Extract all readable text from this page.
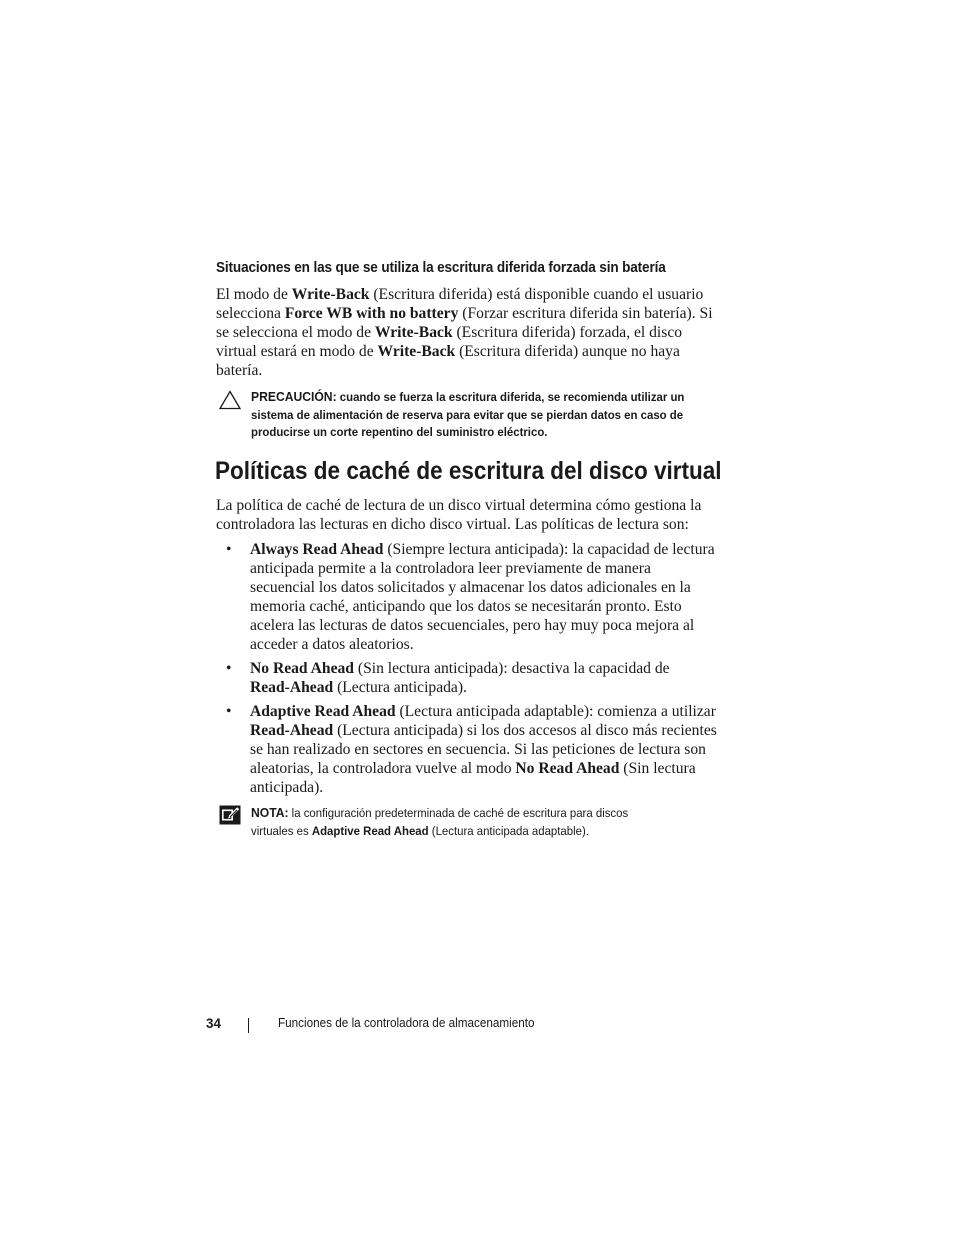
Situaciones en las que se utiliza la escritura diferida forzada sin batería
El modo de Write-Back (Escritura diferida) está disponible cuando el usuario
selecciona Force WB with no battery (Forzar escritura diferida sin batería). Si
se selecciona el modo de Write-Back (Escritura diferida) forzada, el disco
virtual estará en modo de Write-Back (Escritura diferida) aunque no haya
batería.
PRECAUCIÓN: cuando se fuerza la escritura diferida, se recomienda utilizar un
sistema de alimentación de reserva para evitar que se pierdan datos en caso de
producirse un corte repentino del suministro eléctrico.
Políticas de caché de escritura del disco virtual
La política de caché de lectura de un disco virtual determina cómo gestiona la
controladora las lecturas en dicho disco virtual. Las políticas de lectura son:
• Always Read Ahead (Siempre lectura anticipada): la capacidad de lectura
anticipada permite a la controladora leer previamente de manera
secuencial los datos solicitados y almacenar los datos adicionales en la
memoria caché, anticipando que los datos se necesitarán pronto. Esto
acelera las lecturas de datos secuenciales, pero hay muy poca mejora al
acceder a datos aleatorios.
• No Read Ahead (Sin lectura anticipada): desactiva la capacidad de
Read-Ahead (Lectura anticipada).
• Adaptive Read Ahead (Lectura anticipada adaptable): comienza a utilizar
Read-Ahead (Lectura anticipada) si los dos accesos al disco más recientes
se han realizado en sectores en secuencia. Si las peticiones de lectura son
aleatorias, la controladora vuelve al modo No Read Ahead (Sin lectura
anticipada).
NOTA: la configuración predeterminada de caché de escritura para discos
virtuales es Adaptive Read Ahead (Lectura anticipada adaptable).
34	Funciones de la controladora de almacenamiento
